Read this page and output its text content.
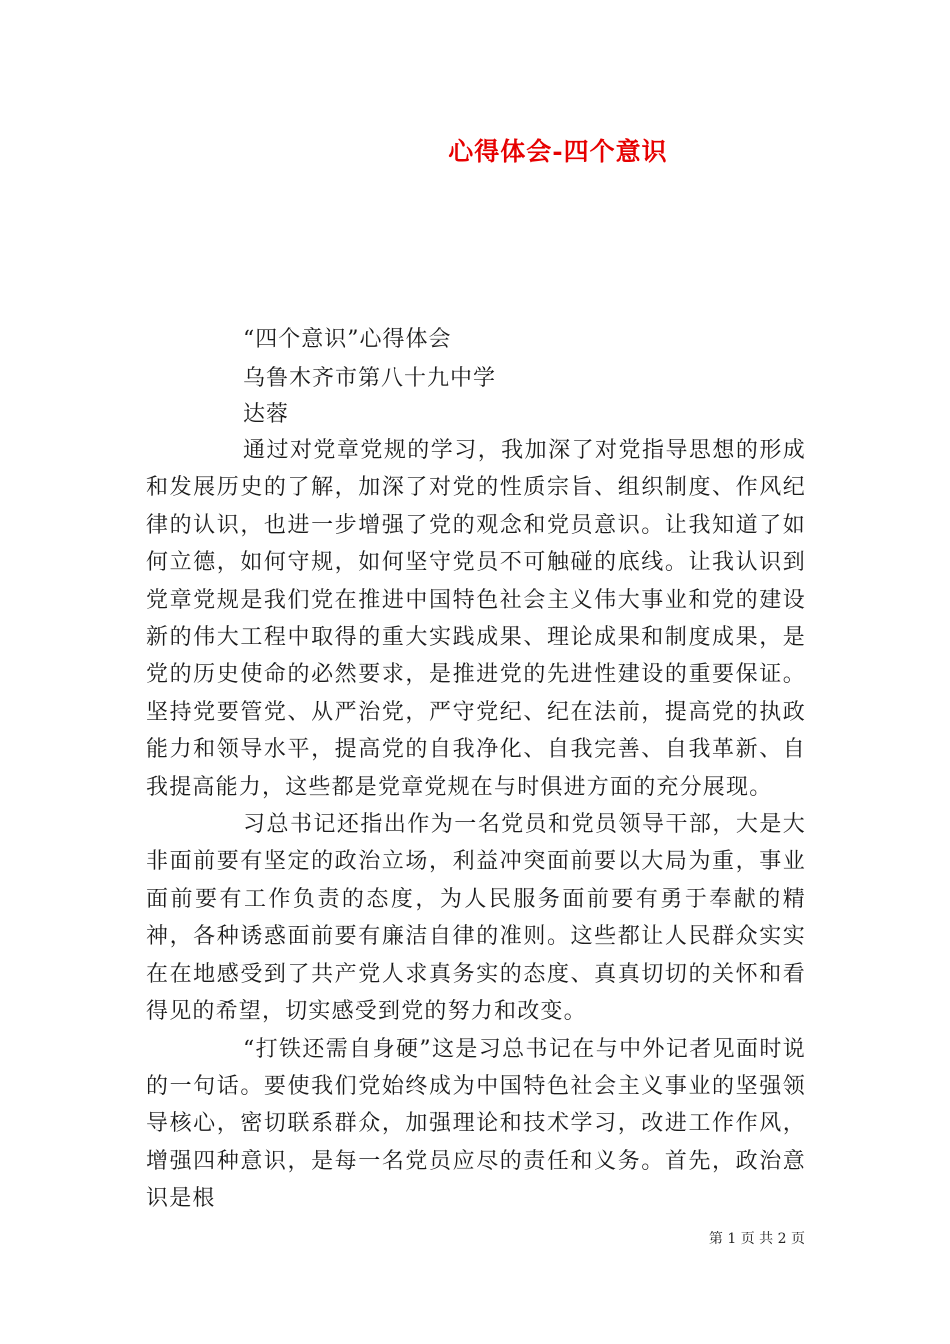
心得体会-四个意识
“四个意识”心得体会
乌鲁木齐市第八十九中学
达蓉

通过对党章党规的学习，我加深了对党指导思想的形成和发展历史的了解，加深了对党的性质宗旨、组织制度、作风纪律的认识，也进一步增强了党的观念和党员意识。让我知道了如何立德，如何守规，如何坚守党员不可触碰的底线。让我认识到党章党规是我们党在推进中国特色社会主义伟大事业和党的建设新的伟大工程中取得的重大实践成果、理论成果和制度成果，是党的历史使命的必然要求，是推进党的先进性建设的重要保证。坚持党要管党、从严治党，严守党纪、纪在法前，提高党的执政能力和领导水平，提高党的自我净化、自我完善、自我革新、自我提高能力，这些都是党章党规在与时俱进方面的充分展现。

习总书记还指出作为一名党员和党员领导干部，大是大非面前要有坚定的政治立场，利益冲突面前要以大局为重，事业面前要有工作负责的态度，为人民服务面前要有勇于奉献的精神，各种诱惑面前要有廉洁自律的准则。这些都让人民群众实实在在地感受到了共产党人求真务实的态度、真真切切的关怀和看得见的希望，切实感受到党的努力和改变。

“打铁还需自身硬”这是习总书记在与中外记者见面时说的一句话。要使我们党始终成为中国特色社会主义事业的坚强领导核心，密切联系群众，加强理论和技术学习，改进工作作风，增强四种意识，是每一名党员应尽的责任和义务。首先，政治意识是根

第 1 页 共 2 页
